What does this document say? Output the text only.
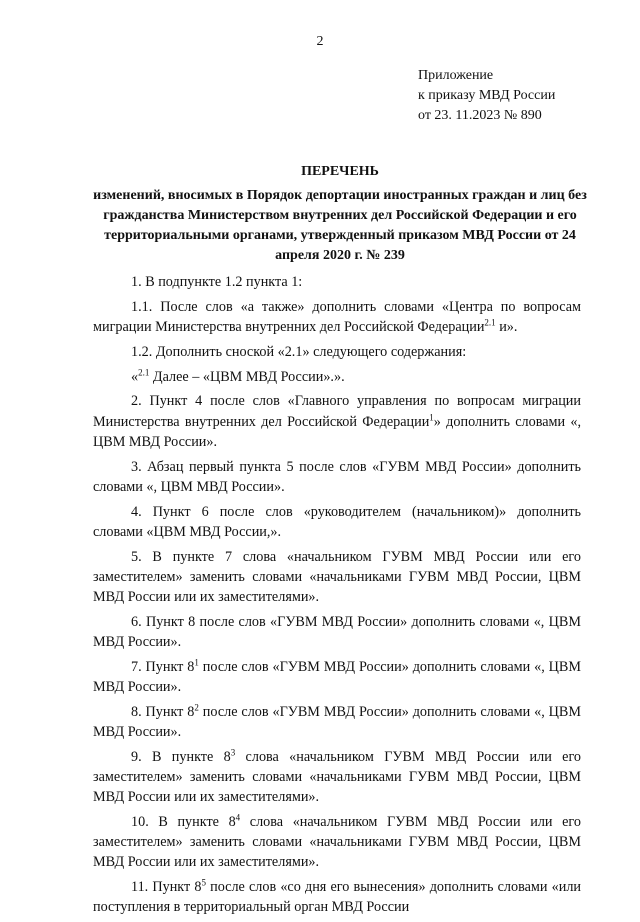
2
Приложение
к приказу МВД России
от 23. 11.2023 № 890
ПЕРЕЧЕНЬ
изменений, вносимых в Порядок депортации иностранных граждан и лиц без гражданства Министерством внутренних дел Российской Федерации и его территориальными органами, утвержденный приказом МВД России от 24 апреля 2020 г. № 239

1. В подпункте 1.2 пункта 1:

1.1. После слов «а также» дополнить словами «Центра по вопросам миграции Министерства внутренних дел Российской Федерации$^{2.1}$ и».

1.2. Дополнить сноской «2.1» следующего содержания:

«$^{2.1}$ Далее – «ЦВМ МВД России».».

2. Пункт 4 после слов «Главного управления по вопросам миграции Министерства внутренних дел Российской Федерации$^1$» дополнить словами «, ЦВМ МВД России».

3. Абзац первый пункта 5 после слов «ГУВМ МВД России» дополнить словами «, ЦВМ МВД России».

4. Пункт 6 после слов «руководителем (начальником)» дополнить словами «ЦВМ МВД России,».

5. В пункте 7 слова «начальником ГУВМ МВД России или его заместителем» заменить словами «начальниками ГУВМ МВД России, ЦВМ МВД России или их заместителями».

6. Пункт 8 после слов «ГУВМ МВД России» дополнить словами «, ЦВМ МВД России».

7. Пункт $8^1$ после слов «ГУВМ МВД России» дополнить словами «, ЦВМ МВД России».

8. Пункт $8^2$ после слов «ГУВМ МВД России» дополнить словами «, ЦВМ МВД России».

9. В пункте $8^3$ слова «начальником ГУВМ МВД России или его заместителем» заменить словами «начальниками ГУВМ МВД России, ЦВМ МВД России или их заместителями».

10. В пункте $8^4$ слова «начальником ГУВМ МВД России или его заместителем» заменить словами «начальниками ГУВМ МВД России, ЦВМ МВД России или их заместителями».

11. Пункт $8^5$ после слов «со дня его вынесения» дополнить словами «или поступления в территориальный орган МВД России
